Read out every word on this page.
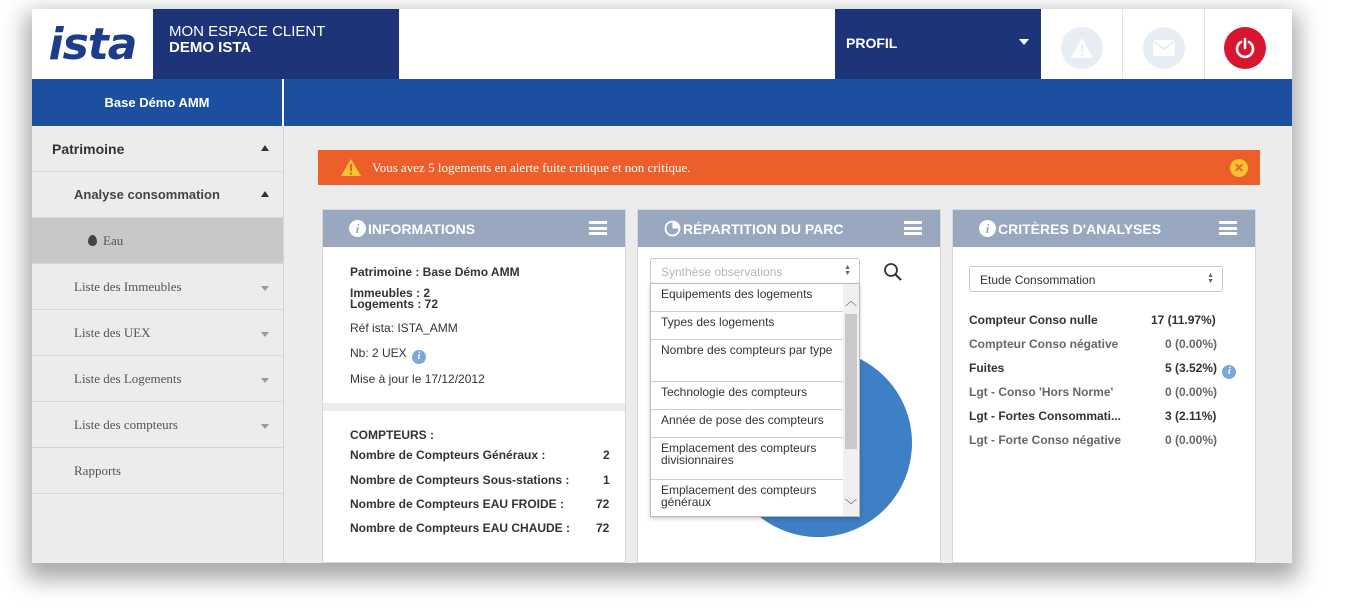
ista	MON ESPACE CLIENT
DEMO ISTA	PROFIL
Base Démo AMM
Patrimoine
Analyse consommation
Eau
Liste des Immeubles
Liste des UEX
Liste des Logements
Liste des compteurs
Rapports
Vous avez 5 logements en alerte fuite critique et non critique.	✕
i INFORMATIONS
Patrimoine : Base Démo AMM
Immeubles : 2
Logements : 72
Réf ista: ISTA_AMM
Nb: 2 UEX i
Mise à jour le 17/12/2012
COMPTEURS :
Nombre de Compteurs Généraux :	2
Nombre de Compteurs Sous-stations :	1
Nombre de Compteurs EAU FROIDE :	72
Nombre de Compteurs EAU CHAUDE : 72
RÉPARTITION DU PARC
Synthèse observations	▲
▼
Equipements des logements
Types des logements
Nombre des compteurs par type
Technologie des compteurs
Année de pose des compteurs
Emplacement des compteurs divisionnaires
Emplacement des compteurs généraux
︿
﹀
i CRITÈRES D'ANALYSES
Etude Consommation	▲
▼
Compteur Conso nulle	17 (11.97%)
Compteur Conso négative	0 (0.00%)
Fuites	5 (3.52%) i
Lgt - Conso 'Hors Norme'	0 (0.00%)
Lgt - Fortes Consommati...	3 (2.11%)
Lgt - Forte Conso négative	0 (0.00%)
